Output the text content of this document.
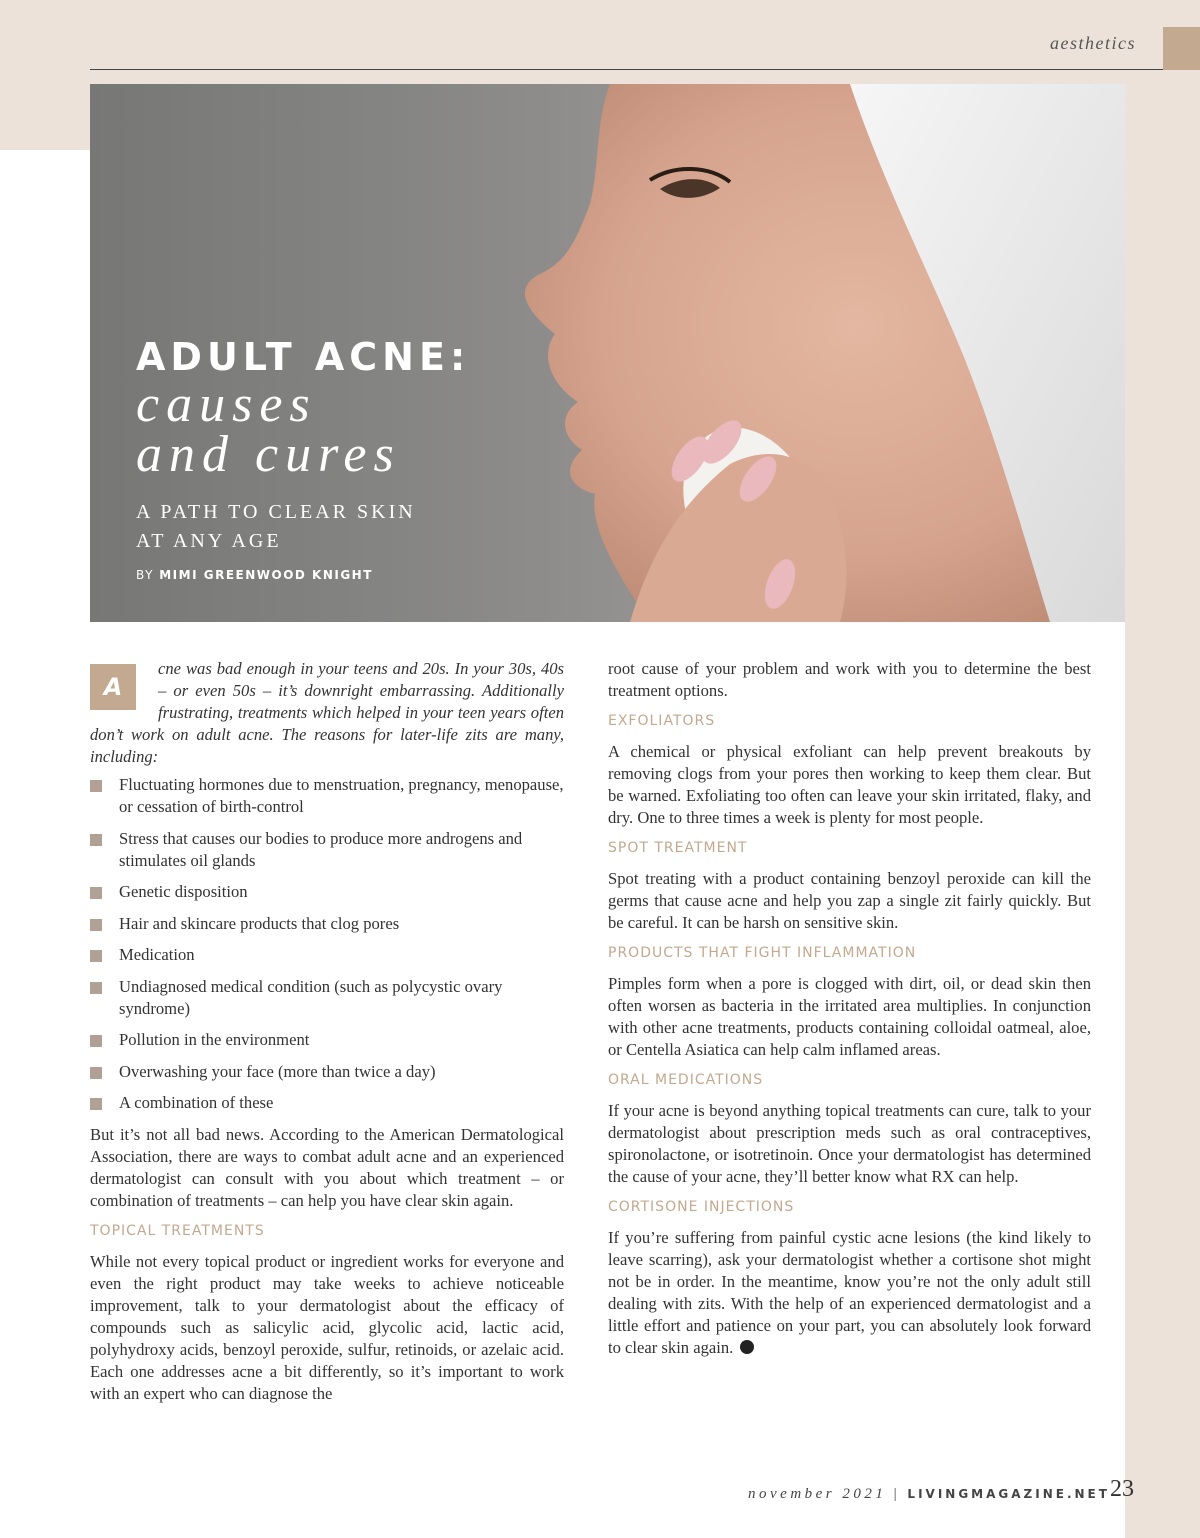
aesthetics
ADULT ACNE:
causes
and cures
A PATH TO CLEAR SKIN
AT ANY AGE
BY MIMI GREENWOOD KNIGHT

A
cne was bad enough in your teens and 20s. In your 30s, 40s – or even 50s – it’s downright embarrassing. Additionally frustrating, treatments which helped in your teen years often don’t work on adult acne. The reasons for later-life zits are many, including:

Fluctuating hormones due to menstruation, pregnancy, menopause, or cessation of birth-control
Stress that causes our bodies to produce more androgens and stimulates oil glands
Genetic disposition
Hair and skincare products that clog pores
Medication
Undiagnosed medical condition (such as polycystic ovary syndrome)
Pollution in the environment
Overwashing your face (more than twice a day)
A combination of these

But it’s not all bad news. According to the American Dermatological Association, there are ways to combat adult acne and an experienced dermatologist can consult with you about which treatment – or combination of treatments – can help you have clear skin again.

TOPICAL TREATMENTS

While not every topical product or ingredient works for everyone and even the right product may take weeks to achieve noticeable improvement, talk to your dermatologist about the efficacy of compounds such as salicylic acid, glycolic acid, lactic acid, polyhydroxy acids, benzoyl peroxide, sulfur, retinoids, or azelaic acid. Each one addresses acne a bit differently, so it’s important to work with an expert who can diagnose the

root cause of your problem and work with you to determine the best treatment options.

EXFOLIATORS

A chemical or physical exfoliant can help prevent breakouts by removing clogs from your pores then working to keep them clear. But be warned. Exfoliating too often can leave your skin irritated, flaky, and dry. One to three times a week is plenty for most people.

SPOT TREATMENT

Spot treating with a product containing benzoyl peroxide can kill the germs that cause acne and help you zap a single zit fairly quickly. But be careful. It can be harsh on sensitive skin.

PRODUCTS THAT FIGHT INFLAMMATION

Pimples form when a pore is clogged with dirt, oil, or dead skin then often worsen as bacteria in the irritated area multiplies. In conjunction with other acne treatments, products containing colloidal oatmeal, aloe, or Centella Asiatica can help calm inflamed areas.

ORAL MEDICATIONS

If your acne is beyond anything topical treatments can cure, talk to your dermatologist about prescription meds such as oral contraceptives, spironolactone, or isotretinoin. Once your dermatologist has determined the cause of your acne, they’ll better know what RX can help.

CORTISONE INJECTIONS

If you’re suffering from painful cystic acne lesions (the kind likely to leave scarring), ask your dermatologist whether a cortisone shot might not be in order. In the meantime, know you’re not the only adult still dealing with zits. With the help of an experienced dermatologist and a little effort and patience on your part, you can absolutely look forward to clear skin again.

november 2021 | LIVINGMAGAZINE.NET 23
